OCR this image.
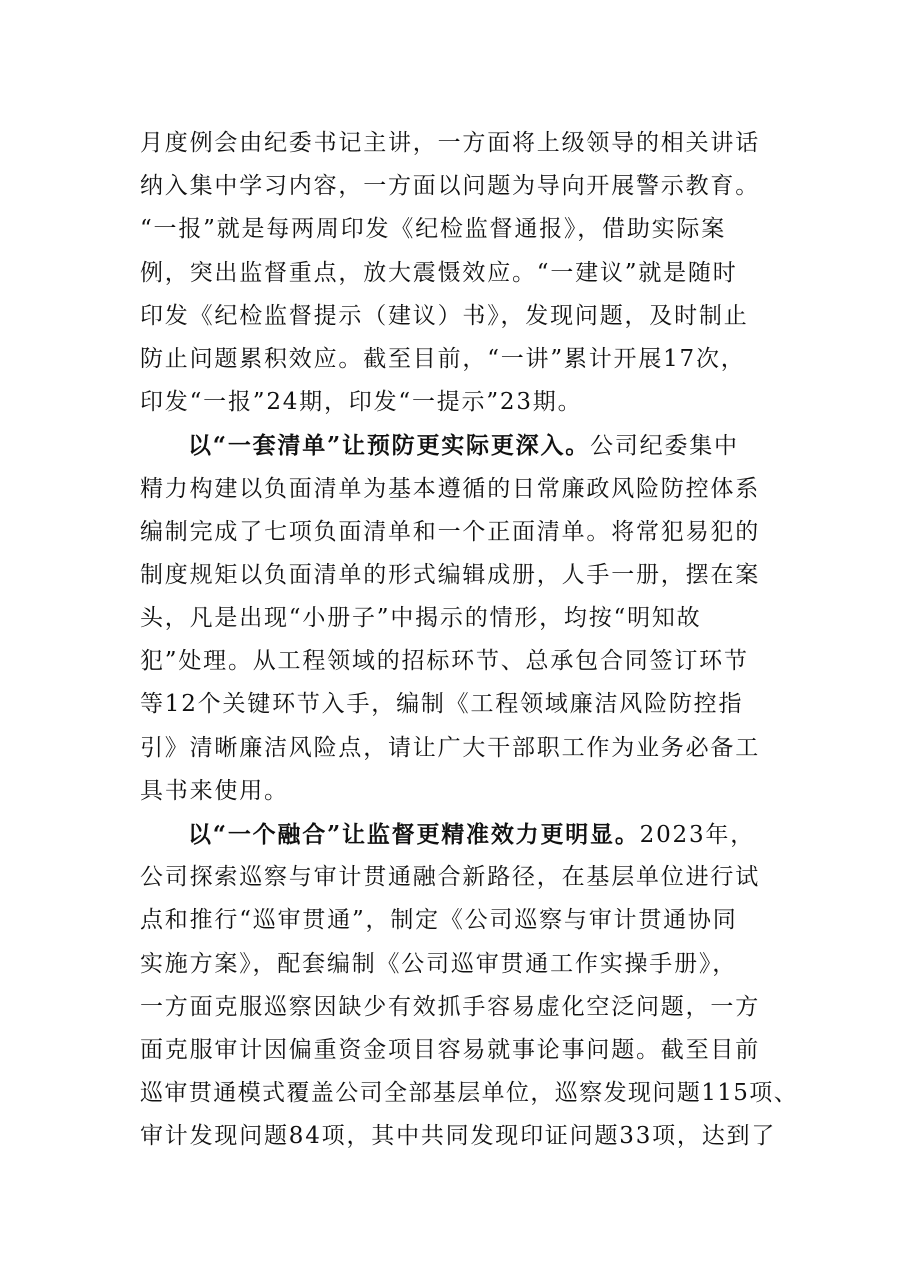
月度例会由纪委书记主讲，一方面将上级领导的相关讲话
纳入集中学习内容，一方面以问题为导向开展警示教育。
“一报”就是每两周印发《纪检监督通报》，借助实际案
例，突出监督重点，放大震慑效应。“一建议”就是随时
印发《纪检监督提示（建议）书》，发现问题，及时制止
防止问题累积效应。截至目前，“一讲”累计开展17次，
印发“一报”24期，印发“一提示”23期。
以“一套清单”让预防更实际更深入。公司纪委集中
精力构建以负面清单为基本遵循的日常廉政风险防控体系
编制完成了七项负面清单和一个正面清单。将常犯易犯的
制度规矩以负面清单的形式编辑成册，人手一册，摆在案
头，凡是出现“小册子”中揭示的情形，均按“明知故
犯”处理。从工程领域的招标环节、总承包合同签订环节
等12个关键环节入手，编制《工程领域廉洁风险防控指
引》清晰廉洁风险点，请让广大干部职工作为业务必备工
具书来使用。
以“一个融合”让监督更精准效力更明显。2023年，
公司探索巡察与审计贯通融合新路径，在基层单位进行试
点和推行“巡审贯通”，制定《公司巡察与审计贯通协同
实施方案》，配套编制《公司巡审贯通工作实操手册》，
一方面克服巡察因缺少有效抓手容易虚化空泛问题，一方
面克服审计因偏重资金项目容易就事论事问题。截至目前
巡审贯通模式覆盖公司全部基层单位，巡察发现问题115项、
审计发现问题84项，其中共同发现印证问题33项，达到了
